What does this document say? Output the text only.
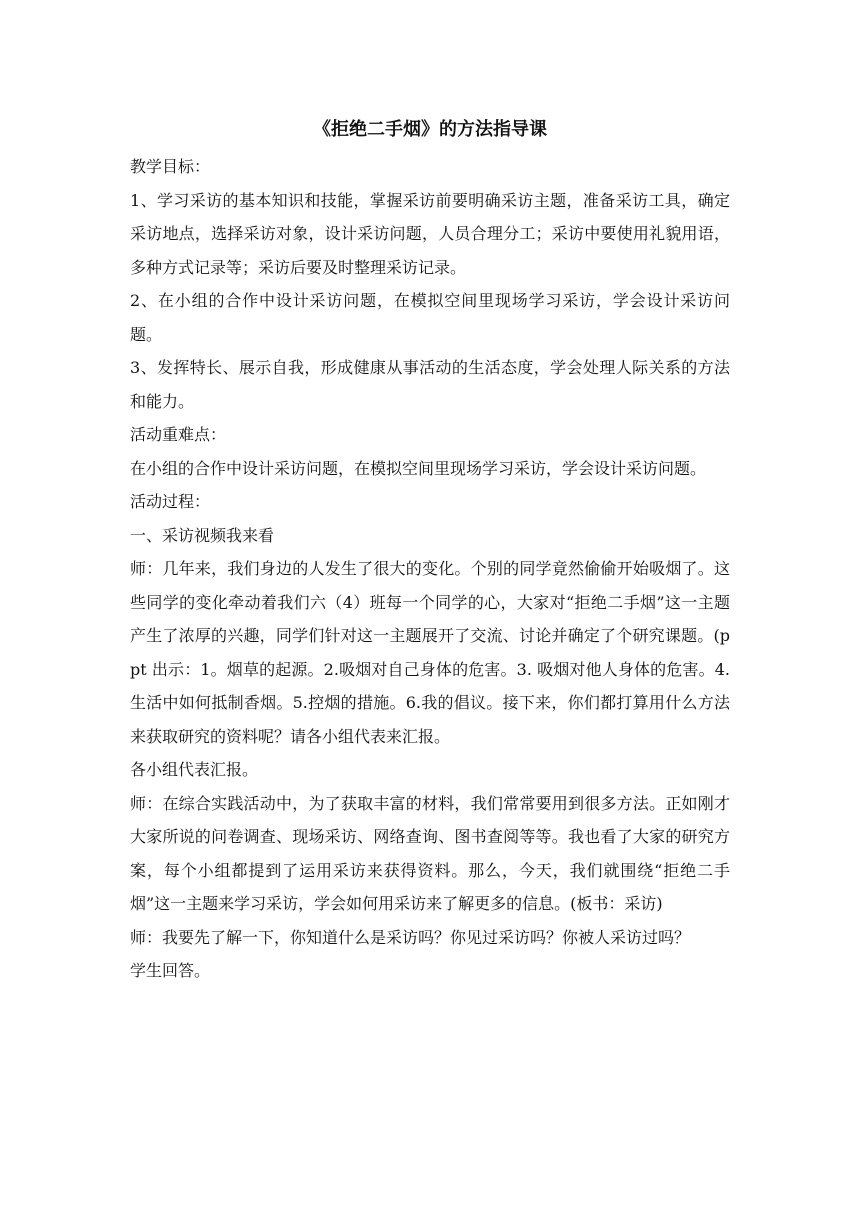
《拒绝二手烟》的方法指导课

教学目标：

1、学习采访的基本知识和技能，掌握采访前要明确采访主题，准备采访工具，确定采访地点，选择采访对象，设计采访问题，人员合理分工；采访中要使用礼貌用语，多种方式记录等；采访后要及时整理采访记录。

2、在小组的合作中设计采访问题，在模拟空间里现场学习采访，学会设计采访问题。

3、发挥特长、展示自我，形成健康从事活动的生活态度，学会处理人际关系的方法和能力。

活动重难点：

在小组的合作中设计采访问题，在模拟空间里现场学习采访，学会设计采访问题。

活动过程：

一、采访视频我来看

师：几年来，我们身边的人发生了很大的变化。个别的同学竟然偷偷开始吸烟了。这些同学的变化牵动着我们六（4）班每一个同学的心，大家对“拒绝二手烟”这一主题产生了浓厚的兴趣，同学们针对这一主题展开了交流、讨论并确定了个研究课题。(ppt 出示：1。烟草的起源。2.吸烟对自己身体的危害。3. 吸烟对他人身体的危害。4.生活中如何抵制香烟。5.控烟的措施。6.我的倡议。接下来，你们都打算用什么方法来获取研究的资料呢？请各小组代表来汇报。

各小组代表汇报。

师：在综合实践活动中，为了获取丰富的材料，我们常常要用到很多方法。正如刚才大家所说的问卷调查、现场采访、网络查询、图书查阅等等。我也看了大家的研究方案，每个小组都提到了运用采访来获得资料。那么，今天，我们就围绕“拒绝二手烟”这一主题来学习采访，学会如何用采访来了解更多的信息。(板书：采访)

师：我要先了解一下，你知道什么是采访吗？你见过采访吗？你被人采访过吗？

学生回答。
